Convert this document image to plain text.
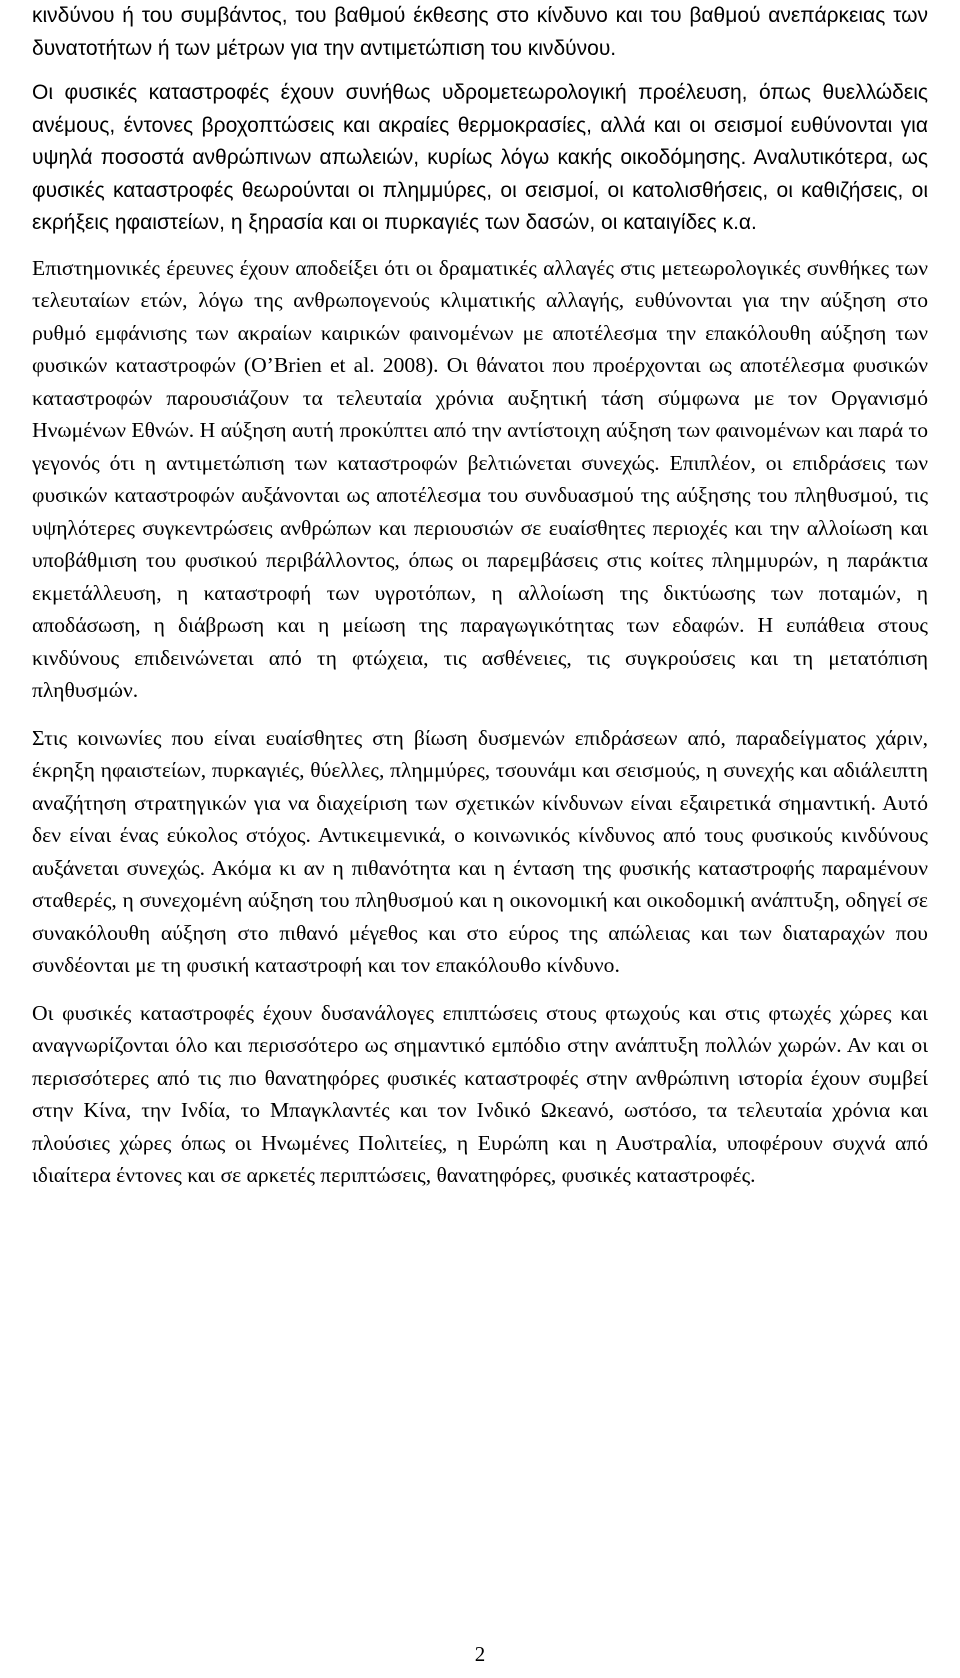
κινδύνου ή του συμβάντος, του βαθμού έκθεσης στο κίνδυνο και του βαθμού ανεπάρκειας των δυνατοτήτων ή των μέτρων για την αντιμετώπιση του κινδύνου.

Οι φυσικές καταστροφές έχουν συνήθως υδρομετεωρολογική προέλευση, όπως θυελλώδεις ανέμους, έντονες βροχοπτώσεις και ακραίες θερμοκρασίες, αλλά και οι σεισμοί ευθύνονται για υψηλά ποσοστά ανθρώπινων απωλειών, κυρίως λόγω κακής οικοδόμησης. Αναλυτικότερα, ως φυσικές καταστροφές θεωρούνται οι πλημμύρες, οι σεισμοί, οι κατολισθήσεις, οι καθιζήσεις, οι εκρήξεις ηφαιστείων, η ξηρασία και οι πυρκαγιές των δασών, οι καταιγίδες κ.α.

Επιστημονικές έρευνες έχουν αποδείξει ότι οι δραματικές αλλαγές στις μετεωρολογικές συνθήκες των τελευταίων ετών, λόγω της ανθρωπογενούς κλιματικής αλλαγής, ευθύνονται για την αύξηση στο ρυθμό εμφάνισης των ακραίων καιρικών φαινομένων με αποτέλεσμα την επακόλουθη αύξηση των φυσικών καταστροφών (O’Brien et al. 2008). Οι θάνατοι που προέρχονται ως αποτέλεσμα φυσικών καταστροφών παρουσιάζουν τα τελευταία χρόνια αυξητική τάση σύμφωνα με τον Οργανισμό Ηνωμένων Εθνών. Η αύξηση αυτή προκύπτει από την αντίστοιχη αύξηση των φαινομένων και παρά το γεγονός ότι η αντιμετώπιση των καταστροφών βελτιώνεται συνεχώς. Επιπλέον, οι επιδράσεις των φυσικών καταστροφών αυξάνονται ως αποτέλεσμα του συνδυασμού της αύξησης του πληθυσμού, τις υψηλότερες συγκεντρώσεις ανθρώπων και περιουσιών σε ευαίσθητες περιοχές και την αλλοίωση και υποβάθμιση του φυσικού περιβάλλοντος, όπως οι παρεμβάσεις στις κοίτες πλημμυρών, η παράκτια εκμετάλλευση, η καταστροφή των υγροτόπων, η αλλοίωση της δικτύωσης των ποταμών, η αποδάσωση, η διάβρωση και η μείωση της παραγωγικότητας των εδαφών. Η ευπάθεια στους κινδύνους επιδεινώνεται από τη φτώχεια, τις ασθένειες, τις συγκρούσεις και τη μετατόπιση πληθυσμών.

Στις κοινωνίες που είναι ευαίσθητες στη βίωση δυσμενών επιδράσεων από, παραδείγματος χάριν, έκρηξη ηφαιστείων, πυρκαγιές, θύελλες, πλημμύρες, τσουνάμι και σεισμούς, η συνεχής και αδιάλειπτη αναζήτηση στρατηγικών για να διαχείριση των σχετικών κίνδυνων είναι εξαιρετικά σημαντική. Αυτό δεν είναι ένας εύκολος στόχος. Αντικειμενικά, ο κοινωνικός κίνδυνος από τους φυσικούς κινδύνους αυξάνεται συνεχώς. Ακόμα κι αν η πιθανότητα και η ένταση της φυσικής καταστροφής παραμένουν σταθερές, η συνεχομένη αύξηση του πληθυσμού και η οικονομική και οικοδομική ανάπτυξη, οδηγεί σε συνακόλουθη αύξηση στο πιθανό μέγεθος και στο εύρος της απώλειας και των διαταραχών που συνδέονται με τη φυσική καταστροφή και τον επακόλουθο κίνδυνο.

Οι φυσικές καταστροφές έχουν δυσανάλογες επιπτώσεις στους φτωχούς και στις φτωχές χώρες και αναγνωρίζονται όλο και περισσότερο ως σημαντικό εμπόδιο στην ανάπτυξη πολλών χωρών. Αν και οι περισσότερες από τις πιο θανατηφόρες φυσικές καταστροφές στην ανθρώπινη ιστορία έχουν συμβεί στην Κίνα, την Ινδία, το Μπαγκλαντές και τον Ινδικό Ωκεανό, ωστόσο, τα τελευταία χρόνια και πλούσιες χώρες όπως οι Ηνωμένες Πολιτείες, η Ευρώπη και η Αυστραλία, υποφέρουν συχνά από ιδιαίτερα έντονες και σε αρκετές περιπτώσεις, θανατηφόρες, φυσικές καταστροφές.

2
